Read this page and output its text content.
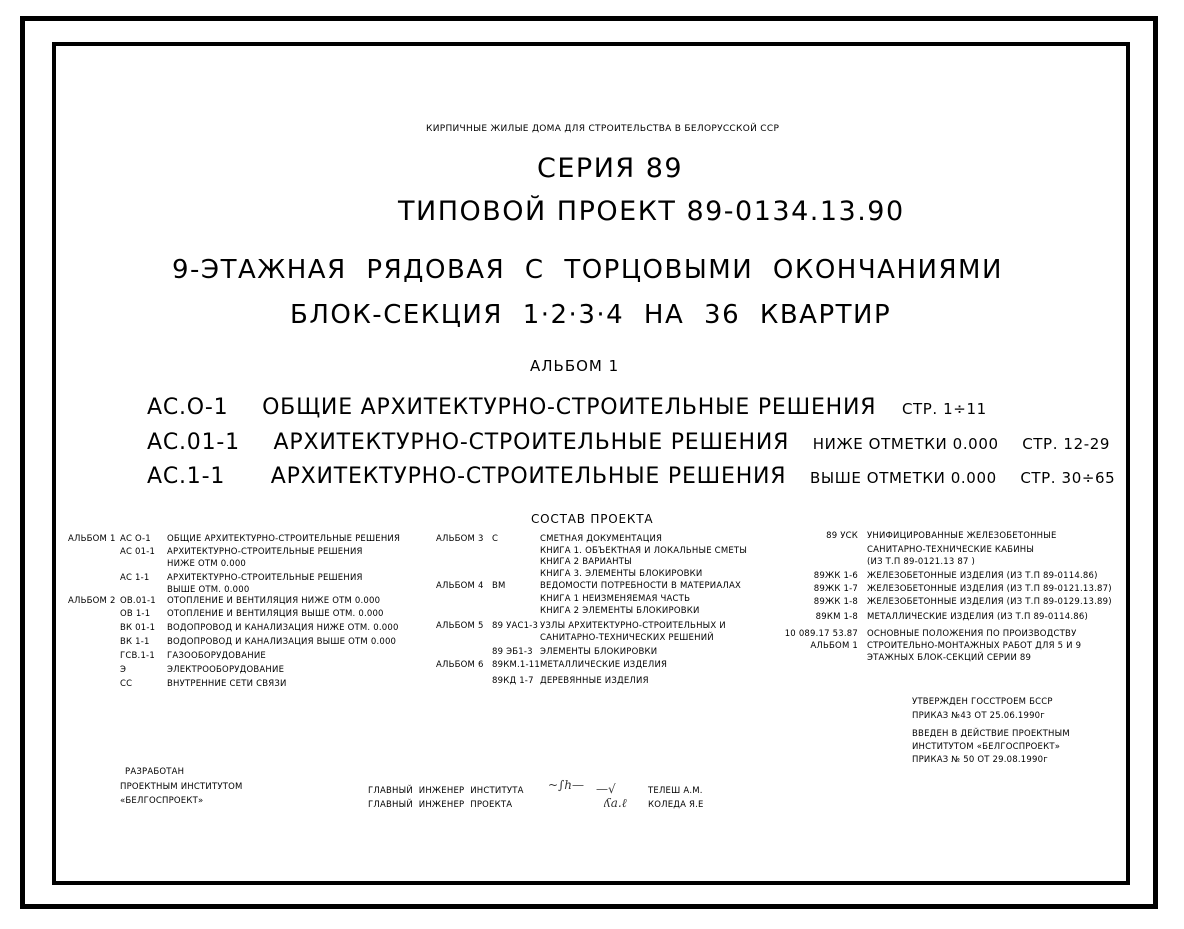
КИРПИЧНЫЕ ЖИЛЫЕ ДОМА ДЛЯ СТРОИТЕЛЬСТВА В БЕЛОРУССКОЙ ССР
СЕРИЯ 89
ТИПОВОЙ ПРОЕКТ 89-0134.13.90
9-ЭТАЖНАЯ РЯДОВАЯ С ТОРЦОВЫМИ ОКОНЧАНИЯМИ
БЛОК-СЕКЦИЯ 1·2·3·4 НА 36 КВАРТИР
АЛЬБОМ 1
АС.О-1 ОБЩИЕ АРХИТЕКТУРНО-СТРОИТЕЛЬНЫЕ РЕШЕНИЯ СТР. 1÷11
АС.01-1 АРХИТЕКТУРНО-СТРОИТЕЛЬНЫЕ РЕШЕНИЯ НИЖЕ ОТМЕТКИ 0.000 СТР. 12-29
АС.1-1 АРХИТЕКТУРНО-СТРОИТЕЛЬНЫЕ РЕШЕНИЯ ВЫШЕ ОТМЕТКИ 0.000 СТР. 30÷65
СОСТАВ ПРОЕКТА
АЛЬБОМ 1 АС О-1 ОБЩИЕ АРХИТЕКТУРНО-СТРОИТЕЛЬНЫЕ РЕШЕНИЯ
АС 01-1 АРХИТЕКТУРНО-СТРОИТЕЛЬНЫЕ РЕШЕНИЯ
НИЖЕ ОТМ 0.000
АС 1-1 АРХИТЕКТУРНО-СТРОИТЕЛЬНЫЕ РЕШЕНИЯ
ВЫШЕ ОТМ. 0.000
АЛЬБОМ 2 ОВ.01-1 ОТОПЛЕНИЕ И ВЕНТИЛЯЦИЯ НИЖЕ ОТМ 0.000
ОВ 1-1 ОТОПЛЕНИЕ И ВЕНТИЛЯЦИЯ ВЫШЕ ОТМ. 0.000
ВК 01-1 ВОДОПРОВОД И КАНАЛИЗАЦИЯ НИЖЕ ОТМ. 0.000
ВК 1-1 ВОДОПРОВОД И КАНАЛИЗАЦИЯ ВЫШЕ ОТМ 0.000
ГСВ.1-1 ГАЗООБОРУДОВАНИЕ
Э	ЭЛЕКТРООБОРУДОВАНИЕ
СС	ВНУТРЕННИЕ СЕТИ СВЯЗИ
АЛЬБОМ 3 С	СМЕТНАЯ ДОКУМЕНТАЦИЯ
КНИГА 1. ОБЪЕКТНАЯ И ЛОКАЛЬНЫЕ СМЕТЫ
КНИГА 2 ВАРИАНТЫ
КНИГА 3. ЭЛЕМЕНТЫ БЛОКИРОВКИ
АЛЬБОМ 4 ВМ	ВЕДОМОСТИ ПОТРЕБНОСТИ В МАТЕРИАЛАХ
КНИГА 1 НЕИЗМЕНЯЕМАЯ ЧАСТЬ
КНИГА 2 ЭЛЕМЕНТЫ БЛОКИРОВКИ
АЛЬБОМ 5 89 УАС1-3 УЗЛЫ АРХИТЕКТУРНО-СТРОИТЕЛЬНЫХ И
САНИТАРНО-ТЕХНИЧЕСКИХ РЕШЕНИЙ
89 ЭБ1-3 ЭЛЕМЕНТЫ БЛОКИРОВКИ
АЛЬБОМ 6 89КМ.1-11 МЕТАЛЛИЧЕСКИЕ ИЗДЕЛИЯ
89КД 1-7 ДЕРЕВЯННЫЕ ИЗДЕЛИЯ
89 УСК УНИФИЦИРОВАННЫЕ ЖЕЛЕЗОБЕТОННЫЕ
САНИТАРНО-ТЕХНИЧЕСКИЕ КАБИНЫ
(ИЗ Т.П 89-0121.13 87 )
89ЖК 1-6 ЖЕЛЕЗОБЕТОННЫЕ ИЗДЕЛИЯ (ИЗ Т.П 89-0114.86)
89ЖК 1-7 ЖЕЛЕЗОБЕТОННЫЕ ИЗДЕЛИЯ (ИЗ Т.П 89-0121.13.87)
89ЖК 1-8 ЖЕЛЕЗОБЕТОННЫЕ ИЗДЕЛИЯ (ИЗ Т.П 89-0129.13.89)
89КМ 1-8 МЕТАЛЛИЧЕСКИЕ ИЗДЕЛИЯ (ИЗ Т.П 89-0114.86)
10 089.17 53.87 ОСНОВНЫЕ ПОЛОЖЕНИЯ ПО ПРОИЗВОДСТВУ
АЛЬБОМ 1 СТРОИТЕЛЬНО-МОНТАЖНЫХ РАБОТ ДЛЯ 5 И 9
ЭТАЖНЫХ БЛОК-СЕКЦИЙ СЕРИИ 89
УТВЕРЖДЕН ГОССТРОЕМ БССР
ПРИКАЗ №43 ОТ 25.06.1990г
ВВЕДЕН В ДЕЙСТВИЕ ПРОЕКТНЫМ
ИНСТИТУТОМ «БЕЛГОСПРОЕКТ»
ПРИКАЗ № 50 ОТ 29.08.1990г
РАЗРАБОТАН
ПРОЕКТНЫМ ИНСТИТУТОМ
«БЕЛГОСПРОЕКТ»
ГЛАВНЫЙ ИНЖЕНЕР ИНСТИТУТА ~∫h— —√	ТЕЛЕШ А.М.
ГЛАВНЫЙ ИНЖЕНЕР ПРОЕКТА	ʎa.ℓ	КОЛЕДА Я.Е
